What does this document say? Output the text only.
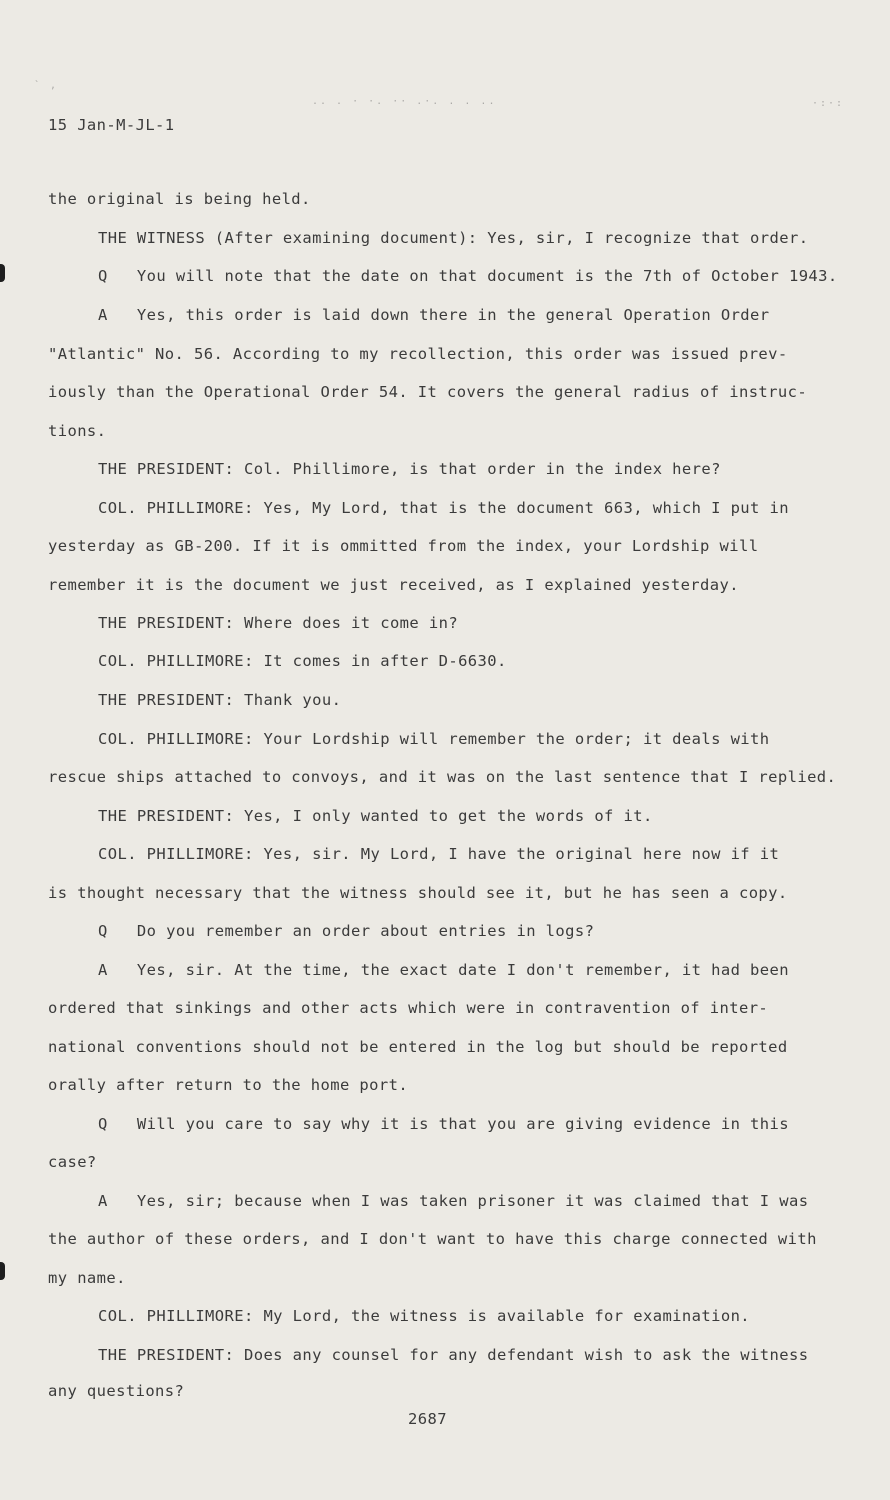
` ,
.. . · ·. ·· .·. . . ..	·:·:
15 Jan-M-JL-1
the original is being held.
THE WITNESS (After examining document): Yes, sir, I recognize that order.
Q   You will note that the date on that document is the 7th of October 1943.
A   Yes, this order is laid down there in the general Operation Order
"Atlantic" No. 56. According to my recollection, this order was issued prev-
iously than the Operational Order 54. It covers the general radius of instruc-
tions.
THE PRESIDENT: Col. Phillimore, is that order in the index here?
COL. PHILLIMORE: Yes, My Lord, that is the document 663, which I put in
yesterday as GB-200. If it is ommitted from the index, your Lordship will
remember it is the document we just received, as I explained yesterday.
THE PRESIDENT: Where does it come in?
COL. PHILLIMORE: It comes in after D-6630.
THE PRESIDENT: Thank you.
COL. PHILLIMORE: Your Lordship will remember the order; it deals with
rescue ships attached to convoys, and it was on the last sentence that I replied.
THE PRESIDENT: Yes, I only wanted to get the words of it.
COL. PHILLIMORE: Yes, sir. My Lord, I have the original here now if it
is thought necessary that the witness should see it, but he has seen a copy.
Q   Do you remember an order about entries in logs?
A   Yes, sir. At the time, the exact date I don't remember, it had been
ordered that sinkings and other acts which were in contravention of inter-
national conventions should not be entered in the log but should be reported
orally after return to the home port.
Q   Will you care to say why it is that you are giving evidence in this
case?
A   Yes, sir; because when I was taken prisoner it was claimed that I was
the author of these orders, and I don't want to have this charge connected with
my name.
COL. PHILLIMORE: My Lord, the witness is available for examination.
THE PRESIDENT: Does any counsel for any defendant wish to ask the witness
any questions?
2687
